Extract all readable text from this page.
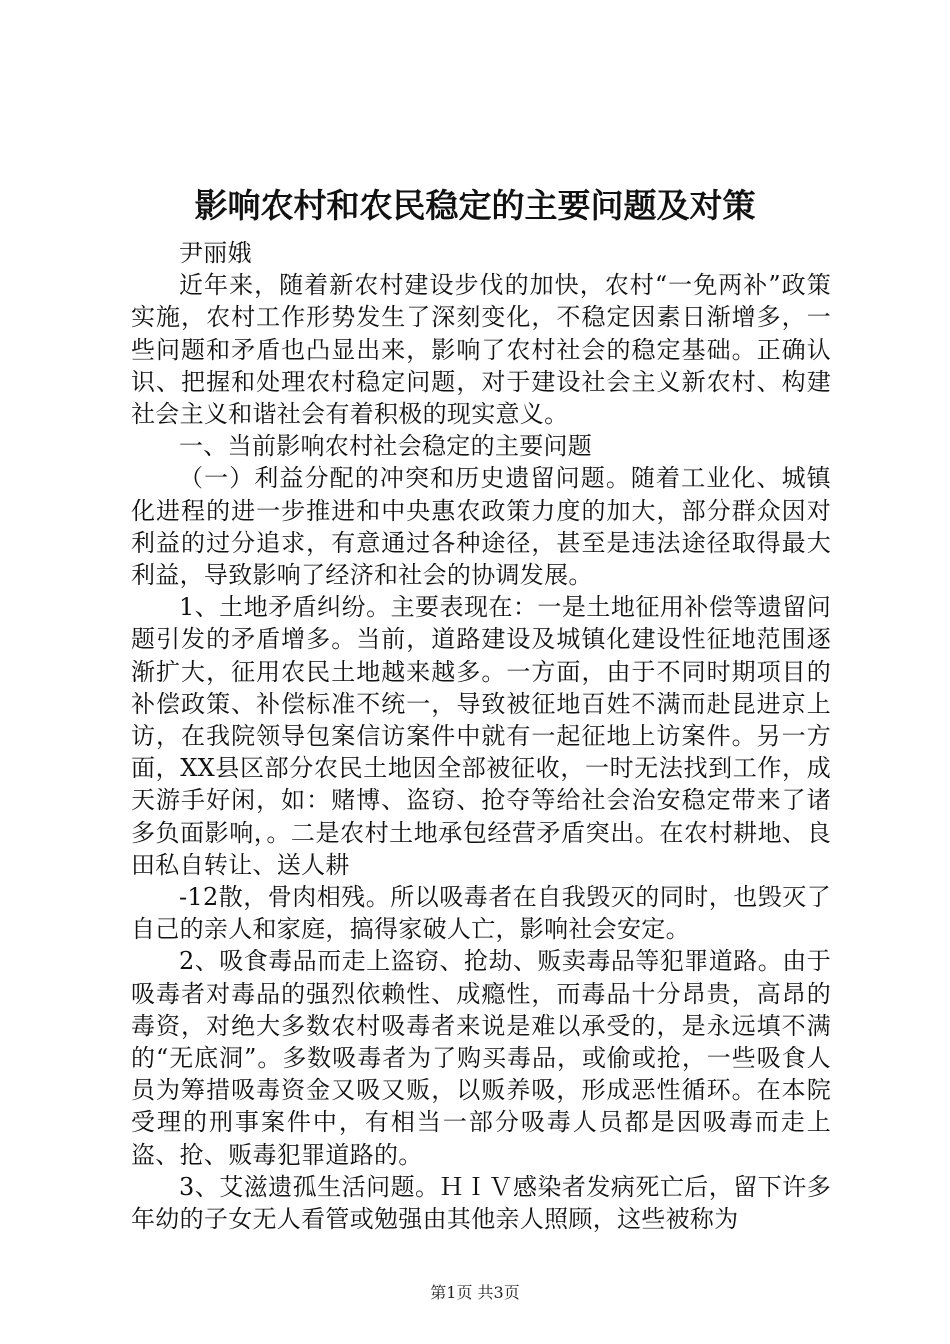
影响农村和农民稳定的主要问题及对策

尹丽娥

近年来，随着新农村建设步伐的加快，农村“一免两补”政策实施，农村工作形势发生了深刻变化，不稳定因素日渐增多，一些问题和矛盾也凸显出来，影响了农村社会的稳定基础。正确认识、把握和处理农村稳定问题，对于建设社会主义新农村、构建社会主义和谐社会有着积极的现实意义。

一、当前影响农村社会稳定的主要问题

（一）利益分配的冲突和历史遗留问题。随着工业化、城镇化进程的进一步推进和中央惠农政策力度的加大，部分群众因对利益的过分追求，有意通过各种途径，甚至是违法途径取得最大利益，导致影响了经济和社会的协调发展。

1、土地矛盾纠纷。主要表现在：一是土地征用补偿等遗留问题引发的矛盾增多。当前，道路建设及城镇化建设性征地范围逐渐扩大，征用农民土地越来越多。一方面，由于不同时期项目的补偿政策、补偿标准不统一，导致被征地百姓不满而赴昆进京上访，在我院领导包案信访案件中就有一起征地上访案件。另一方面，XX县区部分农民土地因全部被征收，一时无法找到工作，成天游手好闲，如：赌博、盗窃、抢夺等给社会治安稳定带来了诸多负面影响，。二是农村土地承包经营矛盾突出。在农村耕地、良田私自转让、送人耕

-12散，骨肉相残。所以吸毒者在自我毁灭的同时，也毁灭了自己的亲人和家庭，搞得家破人亡，影响社会安定。

2、吸食毒品而走上盗窃、抢劫、贩卖毒品等犯罪道路。由于吸毒者对毒品的强烈依赖性、成瘾性，而毒品十分昂贵，高昂的毒资，对绝大多数农村吸毒者来说是难以承受的，是永远填不满的“无底洞”。多数吸毒者为了购买毒品，或偷或抢，一些吸食人员为筹措吸毒资金又吸又贩，以贩养吸，形成恶性循环。在本院受理的刑事案件中，有相当一部分吸毒人员都是因吸毒而走上盗、抢、贩毒犯罪道路的。

3、艾滋遗孤生活问题。ＨＩＶ感染者发病死亡后，留下许多年幼的子女无人看管或勉强由其他亲人照顾，这些被称为

第1页 共3页
